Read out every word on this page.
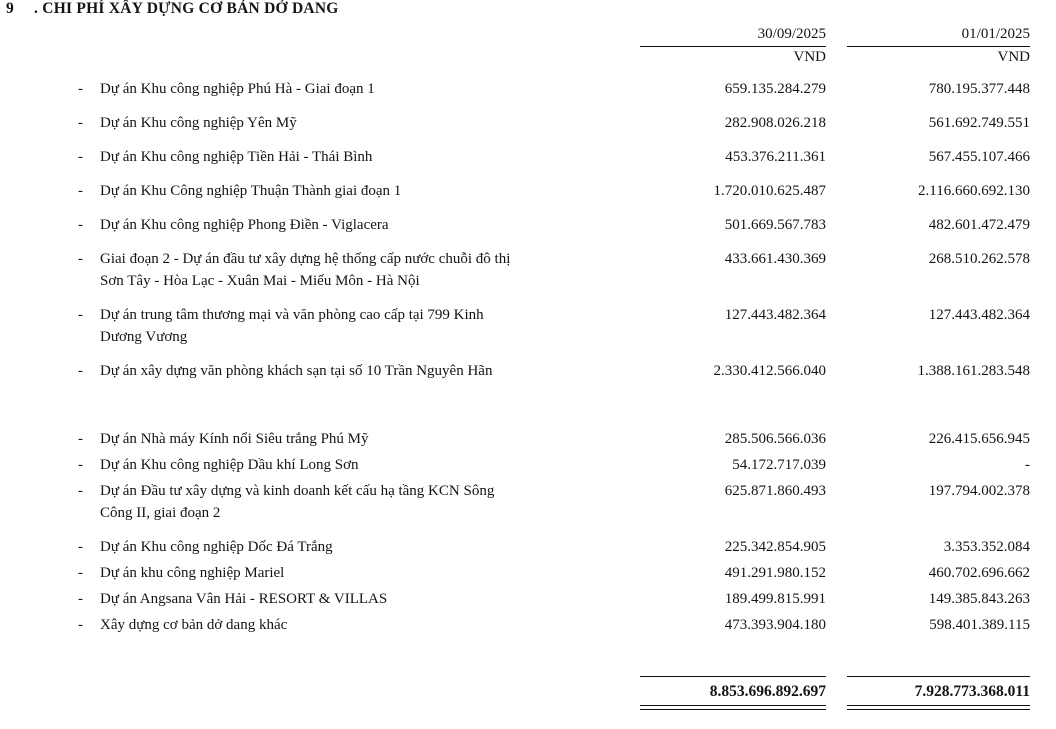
9	. CHI PHÍ XÂY DỰNG CƠ BẢN DỞ DANG
30/09/2025
VND
01/01/2025
VND
-	Dự án Khu công nghiệp Phú Hà - Giai đoạn 1	659.135.284.279	780.195.377.448
-	Dự án Khu công nghiệp Yên Mỹ	282.908.026.218	561.692.749.551
-	Dự án Khu công nghiệp Tiền Hải - Thái Bình	453.376.211.361	567.455.107.466
-	Dự án Khu Công nghiệp Thuận Thành giai đoạn 1	1.720.010.625.487	2.116.660.692.130
-	Dự án Khu công nghiệp Phong Điền - Viglacera	501.669.567.783	482.601.472.479
-	Giai đoạn 2 - Dự án đầu tư xây dựng hệ thống cấp nước chuỗi đô thị
Sơn Tây - Hòa Lạc - Xuân Mai - Miếu Môn - Hà Nội
433.661.430.369	268.510.262.578
-	Dự án trung tâm thương mại và văn phòng cao cấp tại 799 Kinh
Dương Vương
127.443.482.364	127.443.482.364
-	Dự án xây dựng văn phòng khách sạn tại số 10 Trần Nguyên Hãn	2.330.412.566.040	1.388.161.283.548
-	Dự án Nhà máy Kính nổi Siêu trắng Phú Mỹ	285.506.566.036	226.415.656.945
-	Dự án Khu công nghiệp Dầu khí Long Sơn	54.172.717.039	-
-	Dự án Đầu tư xây dựng và kinh doanh kết cấu hạ tầng KCN Sông
Công II, giai đoạn 2
625.871.860.493	197.794.002.378
-	Dự án Khu công nghiệp Dốc Đá Trắng	225.342.854.905	3.353.352.084
-	Dự án khu công nghiệp Mariel	491.291.980.152	460.702.696.662
-	Dự án Angsana Vân Hải - RESORT & VILLAS	189.499.815.991	149.385.843.263
-	Xây dựng cơ bản dở dang khác	473.393.904.180	598.401.389.115
8.853.696.892.697	7.928.773.368.011
